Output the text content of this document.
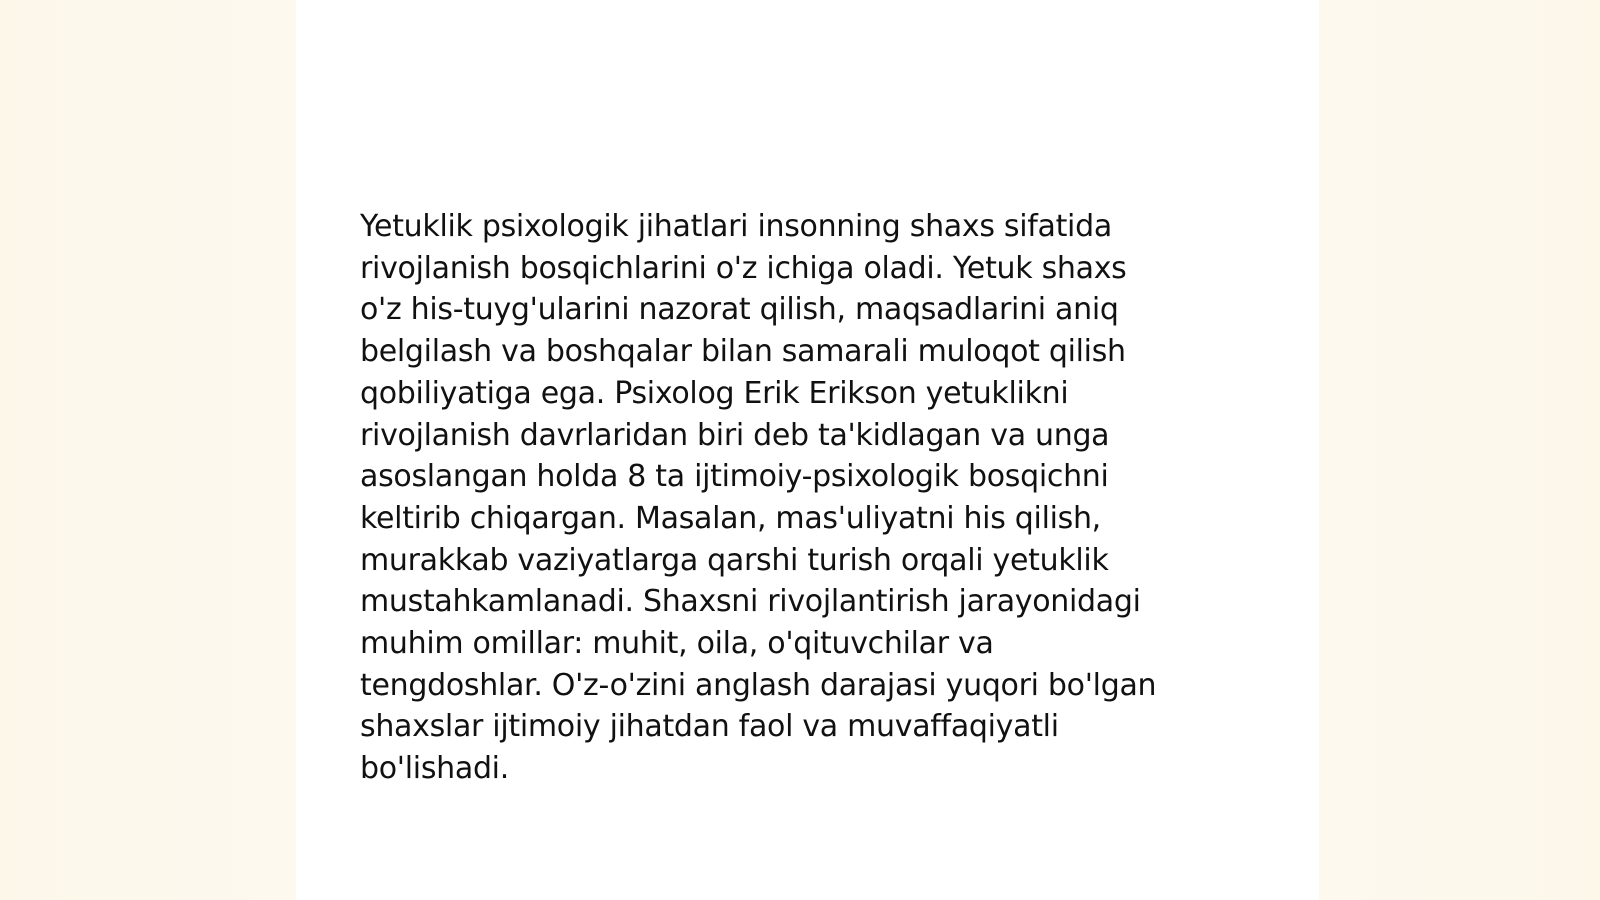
Yetuklik psixologik jihatlari insonning shaxs sifatida
rivojlanish bosqichlarini o'z ichiga oladi. Yetuk shaxs
o'z his-tuyg'ularini nazorat qilish, maqsadlarini aniq
belgilash va boshqalar bilan samarali muloqot qilish
qobiliyatiga ega. Psixolog Erik Erikson yetuklikni
rivojlanish davrlaridan biri deb ta'kidlagan va unga
asoslangan holda 8 ta ijtimoiy-psixologik bosqichni
keltirib chiqargan. Masalan, mas'uliyatni his qilish,
murakkab vaziyatlarga qarshi turish orqali yetuklik
mustahkamlanadi. Shaxsni rivojlantirish jarayonidagi
muhim omillar: muhit, oila, o'qituvchilar va
tengdoshlar. O'z-o'zini anglash darajasi yuqori bo'lgan
shaxslar ijtimoiy jihatdan faol va muvaffaqiyatli
bo'lishadi.
